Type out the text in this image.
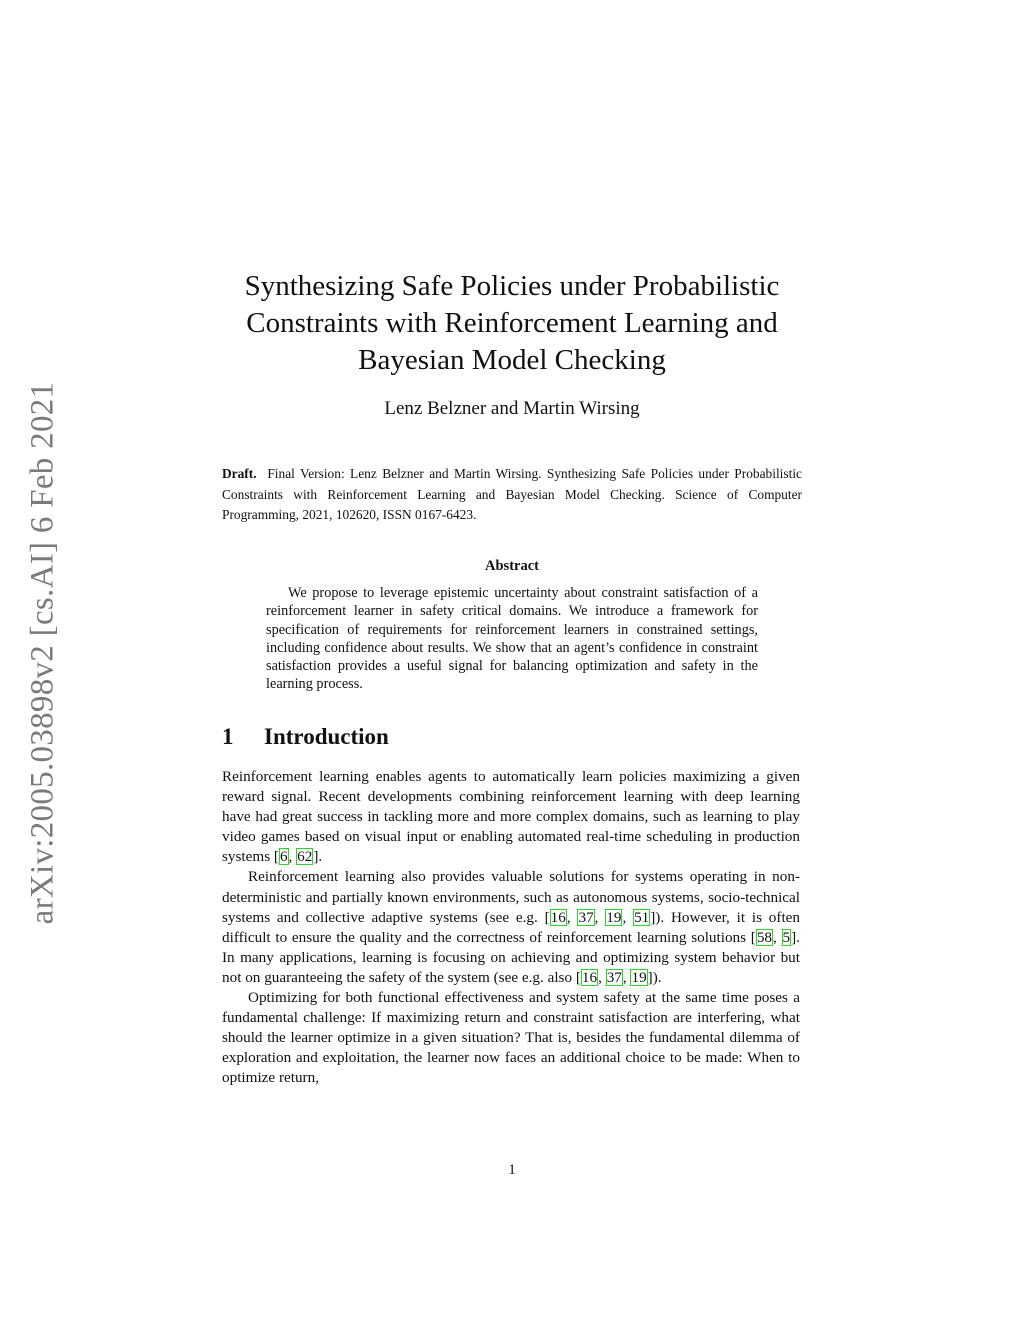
arXiv:2005.03898v2 [cs.AI] 6 Feb 2021
Synthesizing Safe Policies under Probabilistic Constraints with Reinforcement Learning and Bayesian Model Checking

Lenz Belzner and Martin Wirsing

Draft. Final Version: Lenz Belzner and Martin Wirsing. Synthesizing Safe Policies under Probabilistic Constraints with Reinforcement Learning and Bayesian Model Checking. Science of Computer Programming, 2021, 102620, ISSN 0167-6423.

Abstract

We propose to leverage epistemic uncertainty about constraint satisfaction of a reinforcement learner in safety critical domains. We introduce a framework for specification of requirements for reinforcement learners in constrained settings, including confidence about results. We show that an agent’s confidence in constraint satisfaction provides a useful signal for balancing optimization and safety in the learning process.

1 Introduction

Reinforcement learning enables agents to automatically learn policies maximizing a given reward signal. Recent developments combining reinforcement learning with deep learning have had great success in tackling more and more complex domains, such as learning to play video games based on visual input or enabling automated real-time scheduling in production systems [6, 62].

Reinforcement learning also provides valuable solutions for systems operating in non-deterministic and partially known environments, such as autonomous systems, socio-technical systems and collective adaptive systems (see e.g. [16, 37, 19, 51]). However, it is often difficult to ensure the quality and the correctness of reinforcement learning solutions [58, 5]. In many applications, learning is focusing on achieving and optimizing system behavior but not on guaranteeing the safety of the system (see e.g. also [16, 37, 19]).

Optimizing for both functional effectiveness and system safety at the same time poses a fundamental challenge: If maximizing return and constraint satisfaction are interfering, what should the learner optimize in a given situation? That is, besides the fundamental dilemma of exploration and exploitation, the learner now faces an additional choice to be made: When to optimize return,

1
